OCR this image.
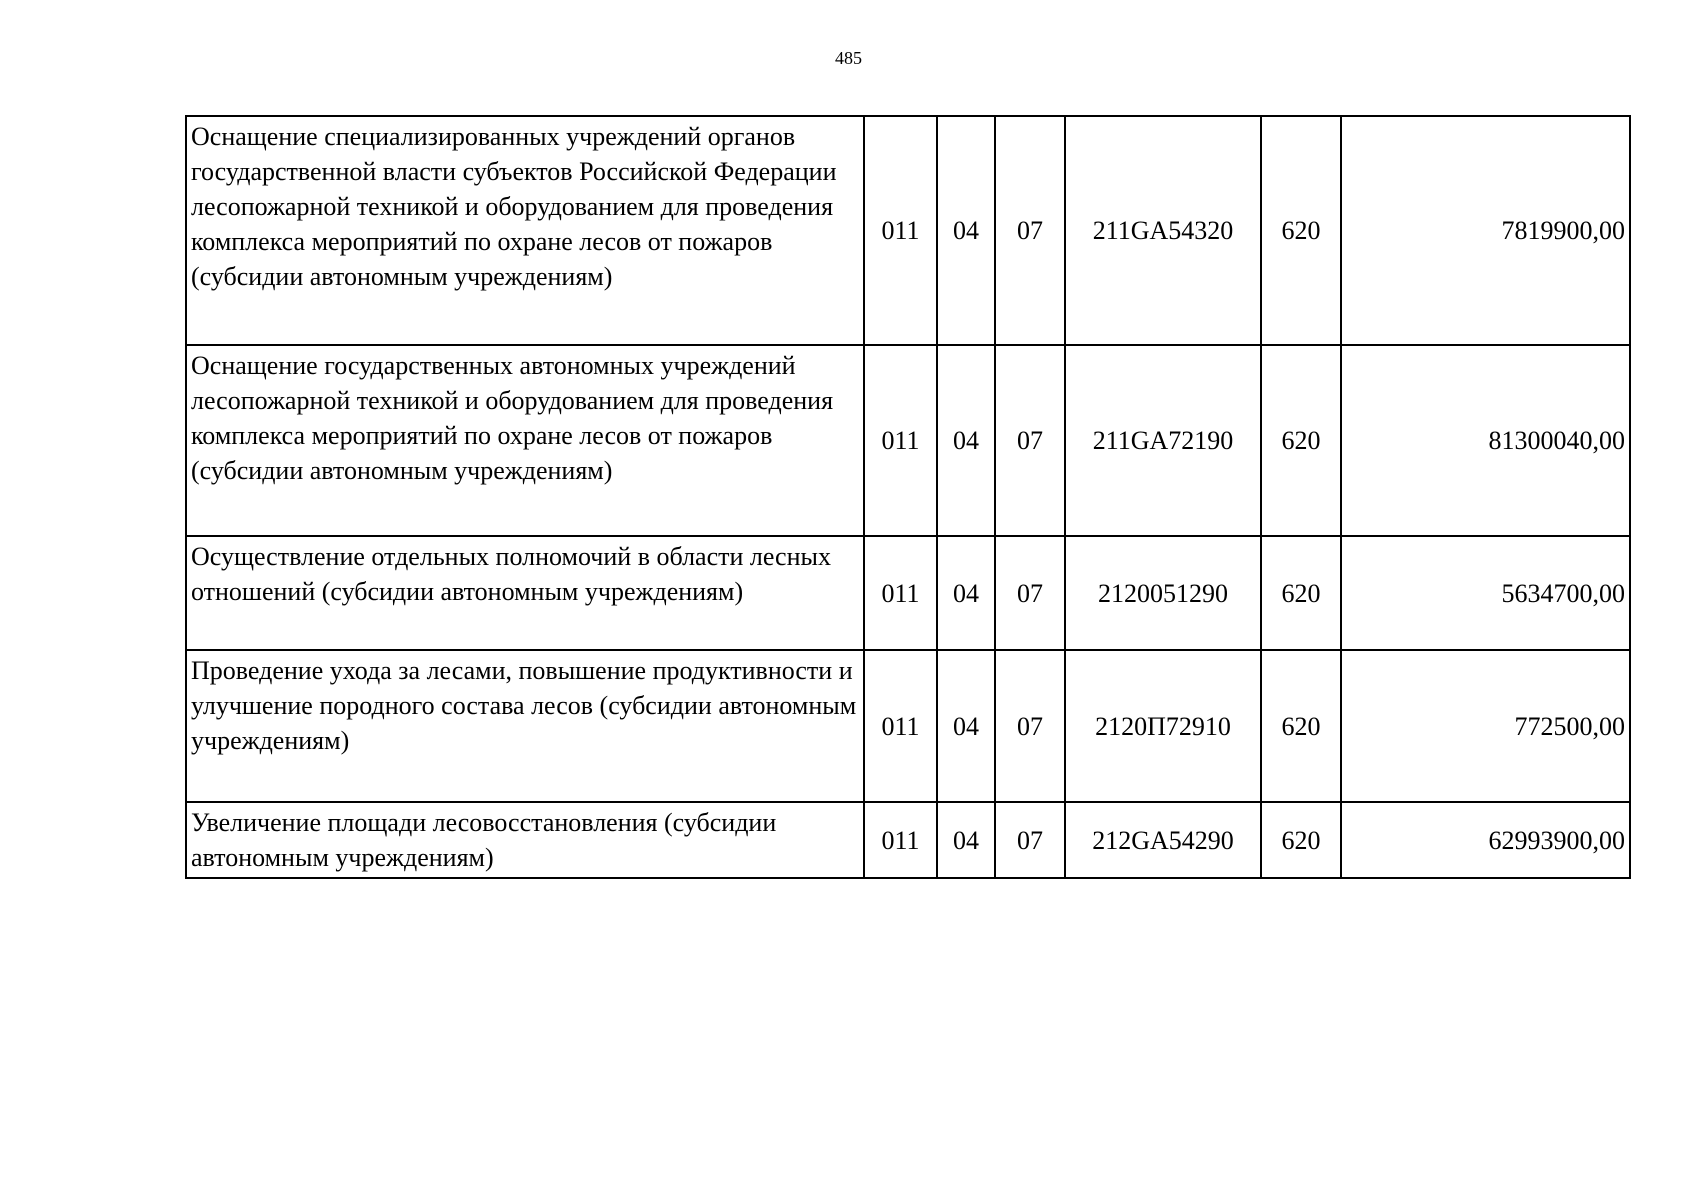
485
Оснащение специализированных учреждений органов государственной власти субъектов Российской Федерации лесопожарной техникой и оборудованием для проведения комплекса мероприятий по охране лесов от пожаров (субсидии автономным учреждениям)	011	04	07	211GA54320	620	7819900,00
Оснащение государственных автономных учреждений лесопожарной техникой и оборудованием для проведения комплекса мероприятий по охране лесов от пожаров (субсидии автономным учреждениям)	011	04	07	211GA72190	620	81300040,00
Осуществление отдельных полномочий в области лесных отношений (субсидии автономным учреждениям)	011	04	07	2120051290	620	5634700,00
Проведение ухода за лесами, повышение продуктивности и улучшение породного состава лесов (субсидии автономным учреждениям)	011	04	07	2120П72910	620	772500,00
Увеличение площади лесовосстановления (субсидии автономным учреждениям)	011	04	07	212GA54290	620	62993900,00
